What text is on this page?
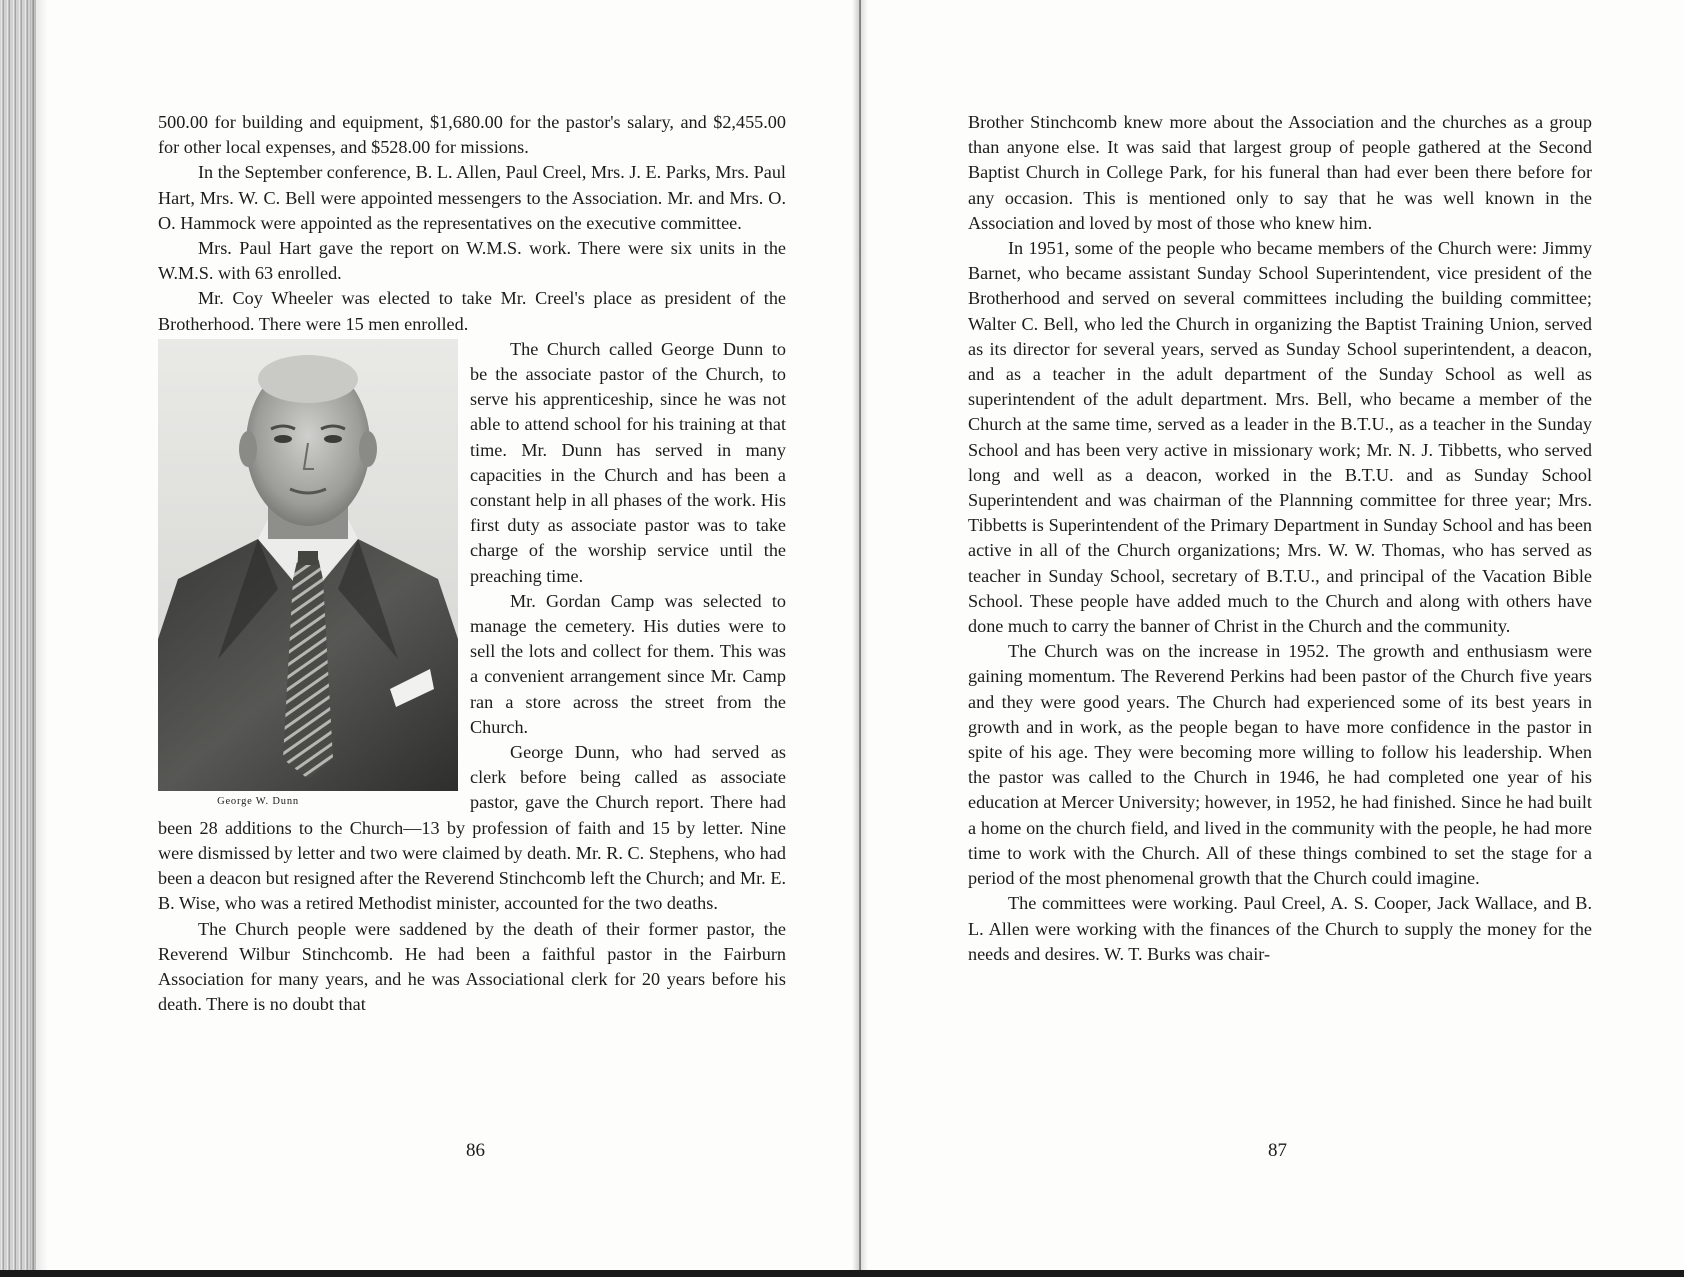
500.00 for building and equipment, $1,680.00 for the pastor's salary, and $2,455.00 for other local expenses, and $528.00 for missions.

In the September conference, B. L. Allen, Paul Creel, Mrs. J. E. Parks, Mrs. Paul Hart, Mrs. W. C. Bell were appointed messengers to the Association. Mr. and Mrs. O. O. Hammock were appointed as the representatives on the executive committee.

Mrs. Paul Hart gave the report on W.M.S. work. There were six units in the W.M.S. with 63 enrolled.

Mr. Coy Wheeler was elected to take Mr. Creel's place as president of the Brotherhood. There were 15 men enrolled.

George W. Dunn

The Church called George Dunn to be the associate pastor of the Church, to serve his apprenticeship, since he was not able to attend school for his training at that time. Mr. Dunn has served in many capacities in the Church and has been a constant help in all phases of the work. His first duty as associate pastor was to take charge of the worship service until the preaching time.

Mr. Gordan Camp was selected to manage the cemetery. His duties were to sell the lots and collect for them. This was a convenient arrangement since Mr. Camp ran a store across the street from the Church.

George Dunn, who had served as clerk before being called as associate pastor, gave the Church report. There had been 28 additions to the Church—13 by profession of faith and 15 by letter. Nine were dismissed by letter and two were claimed by death. Mr. R. C. Stephens, who had been a deacon but resigned after the Reverend Stinchcomb left the Church; and Mr. E. B. Wise, who was a retired Methodist minister, accounted for the two deaths.

The Church people were saddened by the death of their former pastor, the Reverend Wilbur Stinchcomb. He had been a faithful pastor in the Fairburn Association for many years, and he was Associational clerk for 20 years before his death. There is no doubt that

86

Brother Stinchcomb knew more about the Association and the churches as a group than anyone else. It was said that largest group of people gathered at the Second Baptist Church in College Park, for his funeral than had ever been there before for any occasion. This is mentioned only to say that he was well known in the Association and loved by most of those who knew him.

In 1951, some of the people who became members of the Church were: Jimmy Barnet, who became assistant Sunday School Superintendent, vice president of the Brotherhood and served on several committees including the building committee; Walter C. Bell, who led the Church in organizing the Baptist Training Union, served as its director for several years, served as Sunday School superintendent, a deacon, and as a teacher in the adult department of the Sunday School as well as superintendent of the adult department. Mrs. Bell, who became a member of the Church at the same time, served as a leader in the B.T.U., as a teacher in the Sunday School and has been very active in missionary work; Mr. N. J. Tibbetts, who served long and well as a deacon, worked in the B.T.U. and as Sunday School Superintendent and was chairman of the Plannning committee for three year; Mrs. Tibbetts is Superintendent of the Primary Department in Sunday School and has been active in all of the Church organizations; Mrs. W. W. Thomas, who has served as teacher in Sunday School, secretary of B.T.U., and principal of the Vacation Bible School. These people have added much to the Church and along with others have done much to carry the banner of Christ in the Church and the community.

The Church was on the increase in 1952. The growth and enthusiasm were gaining momentum. The Reverend Perkins had been pastor of the Church five years and they were good years. The Church had experienced some of its best years in growth and in work, as the people began to have more confidence in the pastor in spite of his age. They were becoming more willing to follow his leadership. When the pastor was called to the Church in 1946, he had completed one year of his education at Mercer University; however, in 1952, he had finished. Since he had built a home on the church field, and lived in the community with the people, he had more time to work with the Church. All of these things combined to set the stage for a period of the most phenomenal growth that the Church could imagine.

The committees were working. Paul Creel, A. S. Cooper, Jack Wallace, and B. L. Allen were working with the finances of the Church to supply the money for the needs and desires. W. T. Burks was chair-

87
